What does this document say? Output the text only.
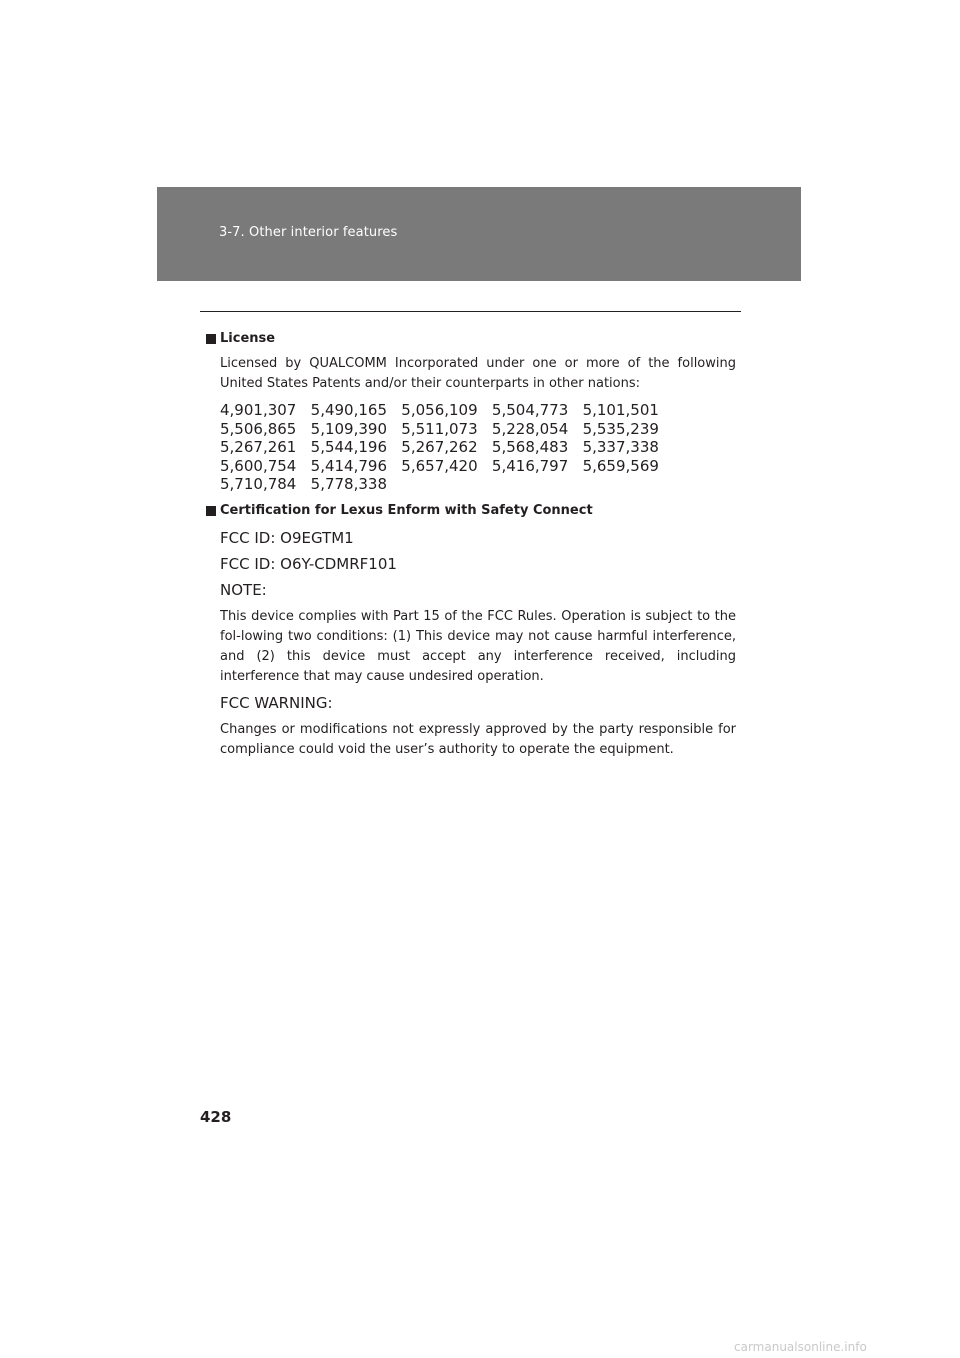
3-7. Other interior features

License

Licensed by QUALCOMM Incorporated under one or more of the following United States Patents and/or their counterparts in other nations:

4,901,307   5,490,165   5,056,109   5,504,773   5,101,501
5,506,865   5,109,390   5,511,073   5,228,054   5,535,239
5,267,261   5,544,196   5,267,262   5,568,483   5,337,338
5,600,754   5,414,796   5,657,420   5,416,797   5,659,569
5,710,784   5,778,338

Certification for Lexus Enform with Safety Connect

FCC ID: O9EGTM1

FCC ID: O6Y-CDMRF101

NOTE:

This device complies with Part 15 of the FCC Rules. Operation is subject to the fol-lowing two conditions: (1) This device may not cause harmful interference, and (2) this device must accept any interference received, including interference that may cause undesired operation.

FCC WARNING:

Changes or modifications not expressly approved by the party responsible for compliance could void the user’s authority to operate the equipment.

428
carmanualsonline.info
